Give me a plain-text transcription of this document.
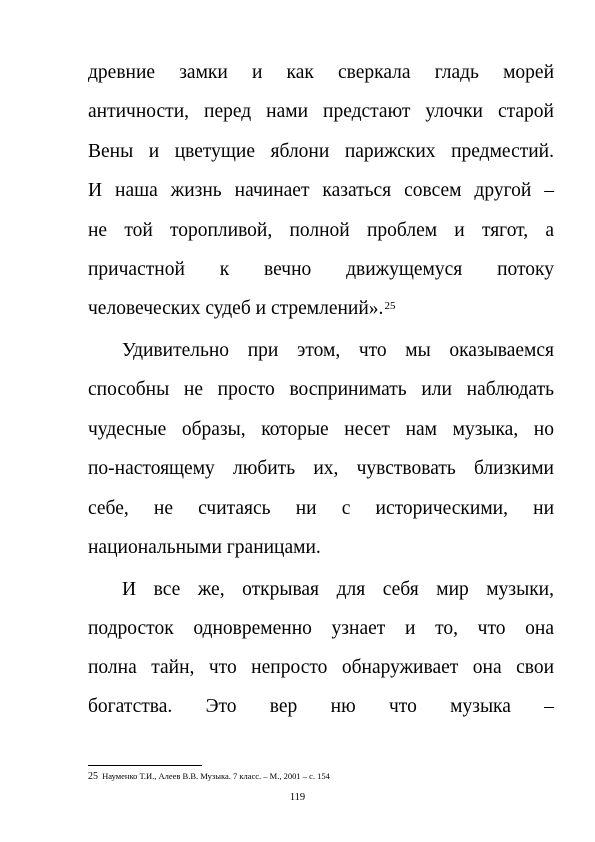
древние замки и как сверкала гладь морей
античности, перед нами предстают улочки старой
Вены и цветущие яблони парижских предместий.
И наша жизнь начинает казаться совсем другой –
не той торопливой, полной проблем и тягот, а
причастной к вечно движущемуся потоку
человеческих судеб и стремлений».$^{25}$
Удивительно при этом, что мы оказываемся
способны не просто воспринимать или наблюдать
чудесные образы, которые несет нам музыка, но
по-настоящему любить их, чувствовать близкими
себе, не считаясь ни с историческими, ни
национальными границами.
И все же, открывая для себя мир музыки,
подросток одновременно узнает и то, что она
полна тайн, что непросто обнаруживает она свои
богатства. Это вер ню что музыка –
25 Науменко Т.И., Алеев В.В. Музыка. 7 класс. – М., 2001 – с. 154
119
